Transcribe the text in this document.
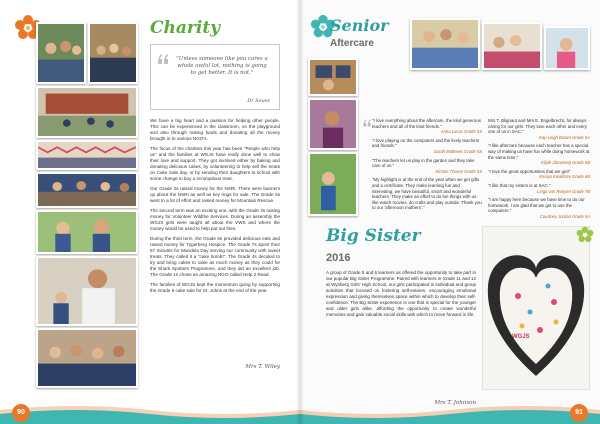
Charity
"Unless someone like you cares a whole awful lot, nothing is going to get better. It is not."
Dr Seuss

We have a big heart and a passion for helping other people. This can be experienced in the classroom, on the playground and also through raising funds and donating all the money brought in to various NGO's.

The focus of the charities this year has been "People who help us" and the families at WGJS have really done well to show their love and support. They got involved either by baking and donating delicious cakes, by volunteering to help sell the treats on Cake Sale day, or by sending their daughters to school with some change to buy a scrumptious treat.

Our Grade 2s raised money for the NSRI. There were banners up about the NSRI as well as key rings for sale. The Grade 5s went to a lot of effort and raised money for Mountain Rescue.

The second term was an exciting one, with the Grade 3s raising money for Volunteer Wildfire Services. During an assembly the WGJS girls were taught all about the VWS and where the money would be used to help put out fires.

During the third term, the Grade 6s provided delicious eats and raised money for Tygerberg Hospice. The Grade 7s spent their 67 minutes for Mandela Day serving our community with sweet treats. They called it a "cake bomb!". The Grade 4s decided to try and bring cakes to raise as much money as they could for the Shark Spotters Programme, and they did an excellent job. The Grade 1s chose an amazing NGO called Help 2 Read.

The families of WGJS kept the momentum going by supporting the Grade 5 cake sale for St. Johns at the end of the year.

Mrs T. Wiley
90
Senior
Aftercare
"I love everything about the aftercare, the kind generous teachers and all of the kind friends."
Anna Lucas Grade 5S
"I love playing on the computers and the lively teachers and friends."
Sarah Mathews Grade 5S
"The teachers let us play in the garden and they take care of us."
Kirsten Thorne Grade 5S
"My highlight is at the end of the year when we get gifts and a certificate. They make learning fun and interesting, we have beautiful, smart and wonderful teachers. They make an effort to do fun things with us like watch movies, do crafts and play outside. Thank you to our 'afternoon mothers'."
Mrs T. Blignaut and Mrs E. Engelbrecht, for always caring for our girls. They love each other and every one of us in SAC."
Kay-Leigh Brown Grade 5A
"I like aftercare because each teacher has a special way of making us have fun while doing homework at the same time."
Elijah Zitoveneg Grade 6B
"I love the great opportunities that we get!"
Kesiya Kwakhize Grade 6B
"I like that my sisters is at SAC."
Linga van Rooyen Grade 7B
"I am happy here because we have time to do our homework. I am glad that we get to use the computers."
Courtney Jordan Grade 5A
Big Sister
2016
A group of Grade 5 and 6 learners as offered the opportunity to take part in our popular Big Sister Programme. Paired with learners in Grade 11 and 12 at Wynberg Girls' High School, our girls participated in individual and group activities that focused on fostering self-esteem, encouraging emotional expression and giving themselves space within which to develop their self-confidence. The Big Sister experience is one that is special for the younger and older girls alike, affording the opportunity to create wonderful memories and gain valuable social skills with which to move forward in life.
Mrs T. Johnson
WGJS
91
